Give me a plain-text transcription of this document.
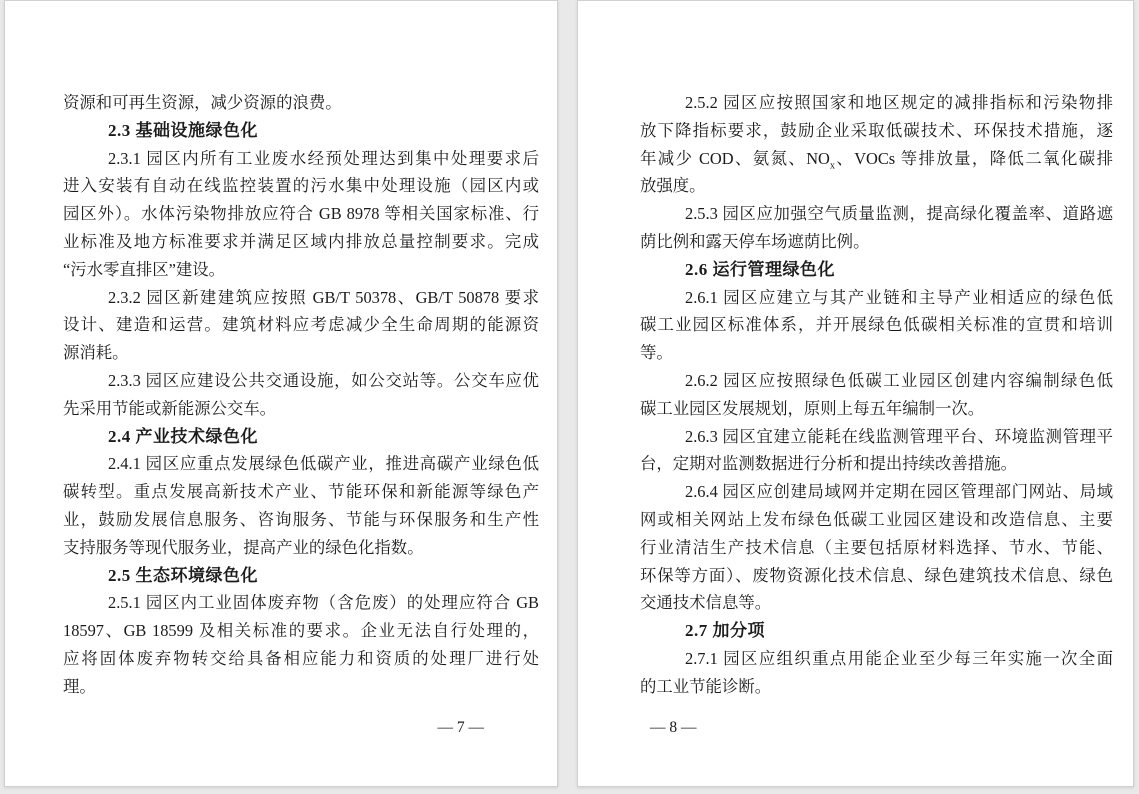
资源和可再生资源，减少资源的浪费。
2.3 基础设施绿色化
2.3.1 园区内所有工业废水经预处理达到集中处理要求后
进入安装有自动在线监控装置的污水集中处理设施（园区内或
园区外）。水体污染物排放应符合 GB 8978 等相关国家标准、行
业标准及地方标准要求并满足区域内排放总量控制要求。完成
“污水零直排区”建设。
2.3.2 园区新建建筑应按照 GB/T 50378、GB/T 50878 要求
设计、建造和运营。建筑材料应考虑减少全生命周期的能源资
源消耗。
2.3.3 园区应建设公共交通设施，如公交站等。公交车应优
先采用节能或新能源公交车。
2.4 产业技术绿色化
2.4.1 园区应重点发展绿色低碳产业，推进高碳产业绿色低
碳转型。重点发展高新技术产业、节能环保和新能源等绿色产
业，鼓励发展信息服务、咨询服务、节能与环保服务和生产性
支持服务等现代服务业，提高产业的绿色化指数。
2.5 生态环境绿色化
2.5.1 园区内工业固体废弃物（含危废）的处理应符合 GB
18597、GB 18599 及相关标准的要求。企业无法自行处理的，
应将固体废弃物转交给具备相应能力和资质的处理厂进行处
理。
— 7 —
2.5.2 园区应按照国家和地区规定的减排指标和污染物排
放下降指标要求，鼓励企业采取低碳技术、环保技术措施，逐
年减少 COD、氨氮、$NO_x$、VOCs 等排放量，降低二氧化碳排
放强度。
2.5.3 园区应加强空气质量监测，提高绿化覆盖率、道路遮
荫比例和露天停车场遮荫比例。
2.6 运行管理绿色化
2.6.1 园区应建立与其产业链和主导产业相适应的绿色低
碳工业园区标准体系，并开展绿色低碳相关标准的宣贯和培训
等。
2.6.2 园区应按照绿色低碳工业园区创建内容编制绿色低
碳工业园区发展规划，原则上每五年编制一次。
2.6.3 园区宜建立能耗在线监测管理平台、环境监测管理平
台，定期对监测数据进行分析和提出持续改善措施。
2.6.4 园区应创建局域网并定期在园区管理部门网站、局域
网或相关网站上发布绿色低碳工业园区建设和改造信息、主要
行业清洁生产技术信息（主要包括原材料选择、节水、节能、
环保等方面）、废物资源化技术信息、绿色建筑技术信息、绿色
交通技术信息等。
2.7 加分项
2.7.1 园区应组织重点用能企业至少每三年实施一次全面
的工业节能诊断。
— 8 —
